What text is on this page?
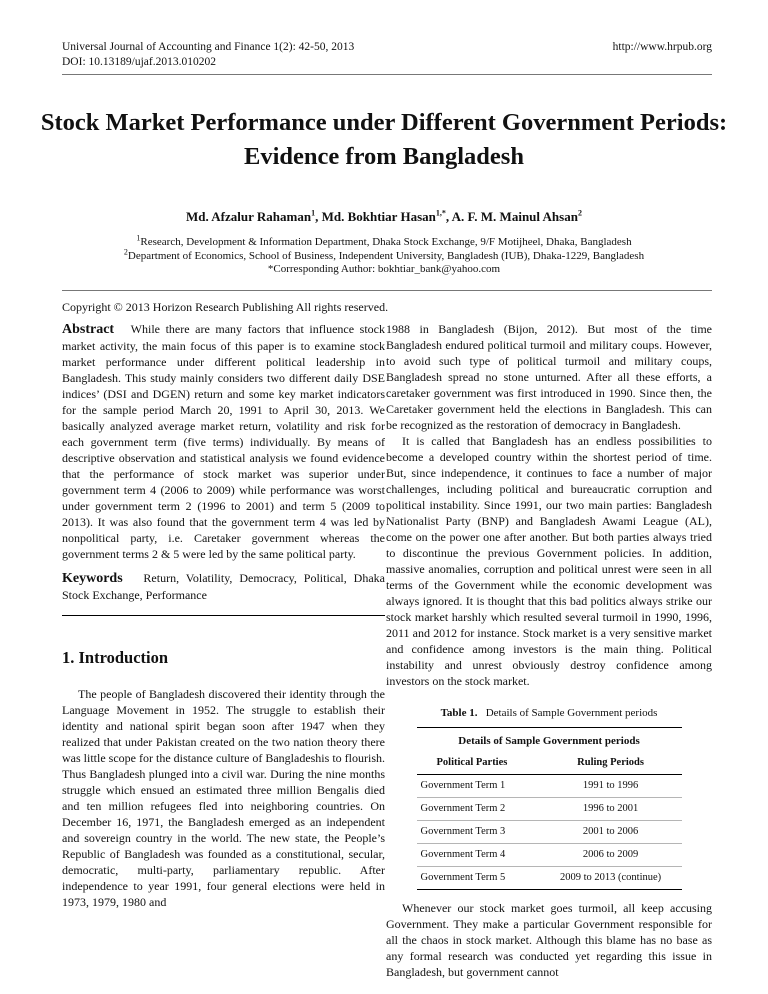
Universal Journal of Accounting and Finance 1(2): 42-50, 2013
DOI: 10.13189/ujaf.2013.010202
http://www.hrpub.org
Stock Market Performance under Different Government Periods: Evidence from Bangladesh
Md. Afzalur Rahaman$^1$, Md. Bokhtiar Hasan$^{1,*}$, A. F. M. Mainul Ahsan$^2$
$^1$Research, Development & Information Department, Dhaka Stock Exchange, 9/F Motijheel, Dhaka, Bangladesh
$^2$Department of Economics, School of Business, Independent University, Bangladesh (IUB), Dhaka-1229, Bangladesh
*Corresponding Author: bokhtiar_bank@yahoo.com
Copyright © 2013 Horizon Research Publishing All rights reserved.

Abstract While there are many factors that influence stock market activity, the main focus of this paper is to examine stock market performance under different political leadership in Bangladesh. This study mainly considers two different daily DSE indices’ (DSI and DGEN) return and some key market indicators for the sample period March 20, 1991 to April 30, 2013. We basically analyzed average market return, volatility and risk for each government term (five terms) individually. By means of descriptive observation and statistical analysis we found evidence that the performance of stock market was superior under government term 4 (2006 to 2009) while performance was worst under government term 2 (1996 to 2001) and term 5 (2009 to 2013). It was also found that the government term 4 was led by nonpolitical party, i.e. Caretaker government whereas the government terms 2 & 5 were led by the same political party.

Keywords Return, Volatility, Democracy, Political, Dhaka Stock Exchange, Performance

1. Introduction

The people of Bangladesh discovered their identity through the Language Movement in 1952. The struggle to establish their identity and national spirit began soon after 1947 when they realized that under Pakistan created on the two nation theory there was little scope for the distance culture of Bangladeshis to flourish. Thus Bangladesh plunged into a civil war. During the nine months struggle which ensued an estimated three million Bengalis died and ten million refugees fled into neighboring countries. On December 16, 1971, the Bangladesh emerged as an independent and sovereign country in the world. The new state, the People’s Republic of Bangladesh was founded as a constitutional, secular, democratic, multi-party, parliamentary republic. After independence to year 1991, four general elections were held in 1973, 1979, 1980 and

1988 in Bangladesh (Bijon, 2012). But most of the time Bangladesh endured political turmoil and military coups. However, to avoid such type of political turmoil and military coups, Bangladesh spread no stone unturned. After all these efforts, a caretaker government was first introduced in 1990. Since then, the Caretaker government held the elections in Bangladesh. This can be recognized as the restoration of democracy in Bangladesh.

It is called that Bangladesh has an endless possibilities to become a developed country within the shortest period of time. But, since independence, it continues to face a number of major challenges, including political and bureaucratic corruption and political instability. Since 1991, our two main parties: Bangladesh Nationalist Party (BNP) and Bangladesh Awami League (AL), come on the power one after another. But both parties always tried to discontinue the previous Government policies. In addition, massive anomalies, corruption and political unrest were seen in all terms of the Government while the economic development was always ignored. It is thought that this bad politics always strike our stock market harshly which resulted several turmoil in 1990, 1996, 2011 and 2012 for instance. Stock market is a very sensitive market and confidence among investors is the main thing. Political instability and unrest obviously destroy confidence among investors on the stock market.

Table 1. Details of Sample Government periods
Details of Sample Government periods	
Political Parties	Ruling Periods
Government Term 1	1991 to 1996
Government Term 2	1996 to 2001
Government Term 3	2001 to 2006
Government Term 4	2006 to 2009
Government Term 5	2009 to 2013 (continue)

Whenever our stock market goes turmoil, all keep accusing Government. They make a particular Government responsible for all the chaos in stock market. Although this blame has no base as any formal research was conducted yet regarding this issue in Bangladesh, but government cannot
